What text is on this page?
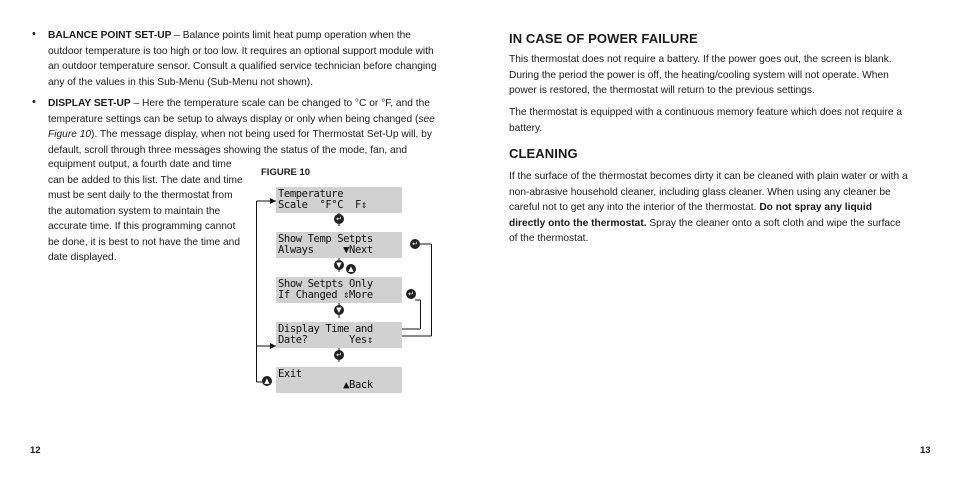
• BALANCE POINT SET-UP – Balance points limit heat pump operation when the outdoor temperature is too high or too low. It requires an optional support module with an outdoor temperature sensor. Consult a qualified service technician before changing any of the values in this Sub-Menu (Sub-Menu not shown).

• DISPLAY SET-UP – Here the temperature scale can be changed to °C or °F, and the temperature settings can be setup to always display or only when being changed (see Figure 10). The message display, when not being used for Thermostat Set-Up will, by default, scroll through three messages showing the status of the mode, fan, and

equipment output, a fourth date and time can be added to this list. The date and time must be sent daily to the thermostat from the automation system to maintain the accurate time. If this programming cannot be done, it is best to not have the time and date displayed.

FIGURE 10
Temperature
Scale  °F°C  F⇕
Show Temp Setpts
Always     ▼Next
Show Setpts Only
If Changed ⇕More
Display Time and
Date?       Yes⇕
Exit
▲Back
↵
▼ ▲
▼
↵
↵
↵
▲
12
IN CASE OF POWER FAILURE

This thermostat does not require a battery. If the power goes out, the screen is blank. During the period the power is off, the heating/cooling system will not operate. When power is restored, the thermostat will return to the previous settings.

The thermostat is equipped with a continuous memory feature which does not require a battery.

CLEANING

If the surface of the thermostat becomes dirty it can be cleaned with plain water or with a non-abrasive household cleaner, including glass cleaner. When using any cleaner be careful not to get any into the interior of the thermostat. Do not spray any liquid directly onto the thermostat. Spray the cleaner onto a soft cloth and wipe the surface of the thermostat.

13
